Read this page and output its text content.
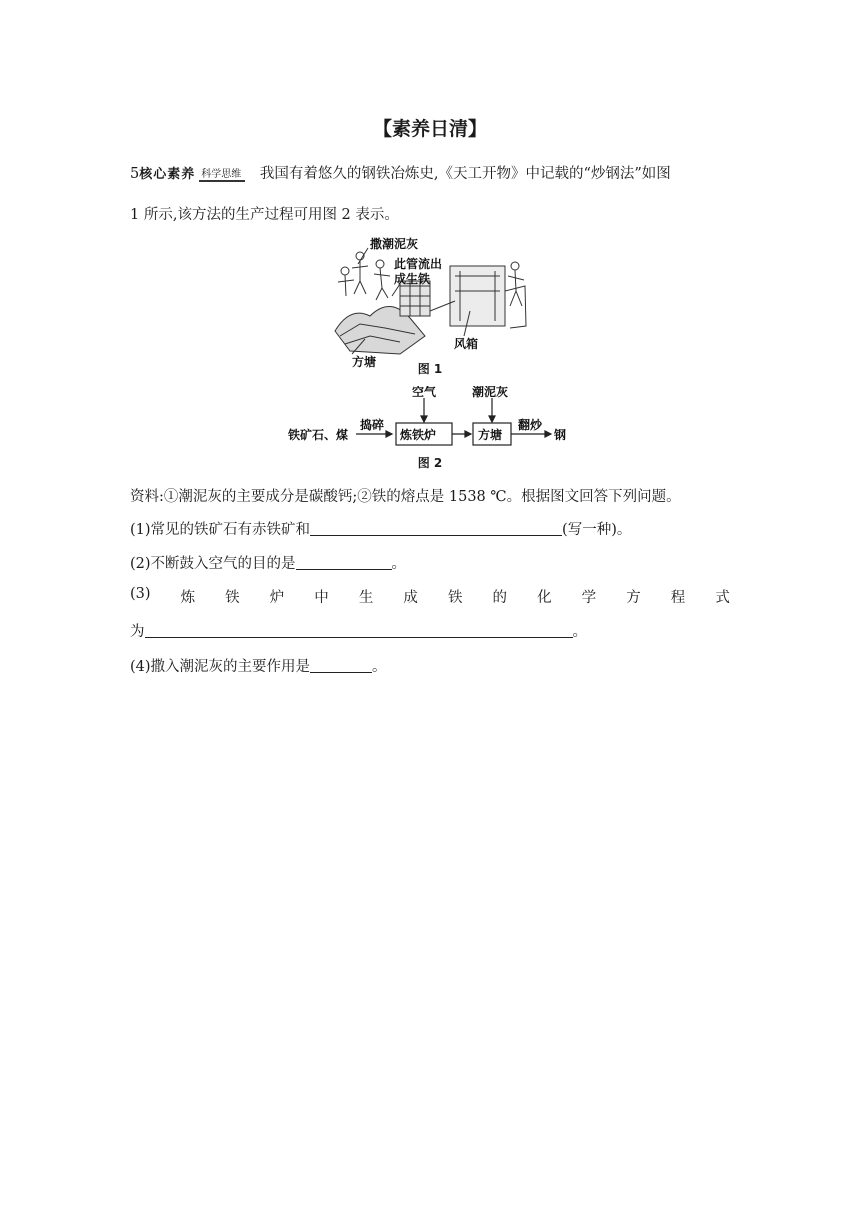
【素养日清】
5 核心素养 科学思维 我国有着悠久的钢铁冶炼史,《天工开物》中记载的“炒钢法”如图
1 所示,该方法的生产过程可用图 2 表示。
撒潮泥灰
此管流出
成生铁
方塘
风箱
图 1
铁矿石、煤
捣碎
炼铁炉
空气
方塘
潮泥灰
翻炒
钢
图 2
资料:①潮泥灰的主要成分是碳酸钙;②铁的熔点是 1538 ℃。根据图文回答下列问题。
(1)常见的铁矿石有赤铁矿和	(写一种)。
(2)不断鼓入空气的目的是	。
(3) 炼 铁 炉 中 生 成 铁 的 化 学 方 程 式
为	。
(4)撒入潮泥灰的主要作用是	。
